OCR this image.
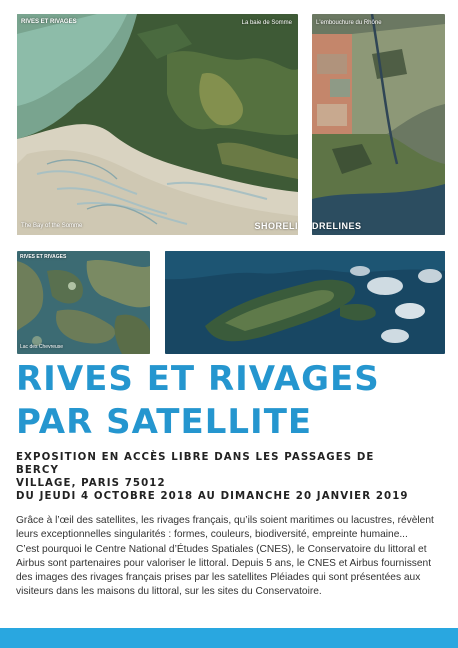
RIVES ET RIVAGES	La baie de Somme
The Bay of the Somme	SHORELI
L'embouchure du Rhône
DRELINES
RIVES ET RIVAGES
Lac des Chevreuse
RIVES ET RIVAGES
PAR SATELLITE
EXPOSITION EN ACCÈS LIBRE DANS LES PASSAGES DE BERCY
VILLAGE, PARIS 75012
DU JEUDI 4 OCTOBRE 2018 AU DIMANCHE 20 JANVIER 2019

Grâce à l’œil des satellites, les rivages français, qu’ils soient maritimes ou lacustres, révèlent leurs exceptionnelles singularités : formes, couleurs, biodiversité, empreinte humaine...

C’est pourquoi le Centre National d’Études Spatiales (CNES), le Conservatoire du littoral et Airbus sont partenaires pour valoriser le littoral. Depuis 5 ans, le CNES et Airbus fournissent des images des rivages français prises par les satellites Pléiades qui sont présentées aux visiteurs dans les maisons du littoral, sur les sites du Conservatoire.
